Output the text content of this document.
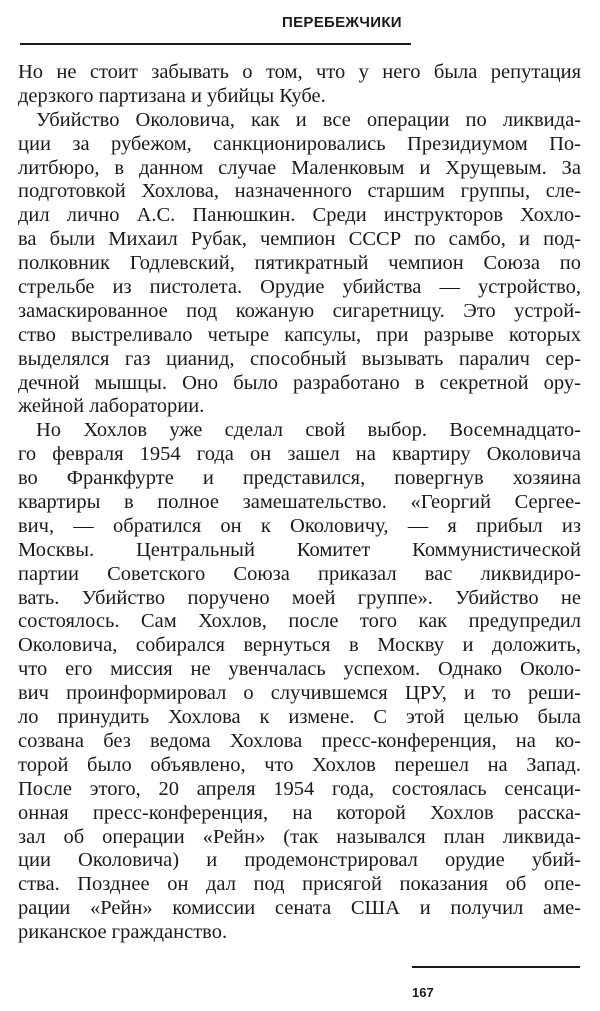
ПЕРЕБЕЖЧИКИ
Но не стоит забывать о том, что у него была репутация
дерзкого партизана и убийцы Кубе.
Убийство Околовича, как и все операции по ликвида-
ции за рубежом, санкционировались Президиумом По-
литбюро, в данном случае Маленковым и Хрущевым. За
подготовкой Хохлова, назначенного старшим группы, сле-
дил лично А.С. Панюшкин. Среди инструкторов Хохло-
ва были Михаил Рубак, чемпион СССР по самбо, и под-
полковник Годлевский, пятикратный чемпион Союза по
стрельбе из пистолета. Орудие убийства — устройство,
замаскированное под кожаную сигаретницу. Это устрой-
ство выстреливало четыре капсулы, при разрыве которых
выделялся газ цианид, способный вызывать паралич сер-
дечной мышцы. Оно было разработано в секретной ору-
жейной лаборатории.
Но Хохлов уже сделал свой выбор. Восемнадцато-
го февраля 1954 года он зашел на квартиру Околовича
во Франкфурте и представился, повергнув хозяина
квартиры в полное замешательство. «Георгий Сергее-
вич, — обратился он к Околовичу, — я прибыл из
Москвы. Центральный Комитет Коммунистической
партии Советского Союза приказал вас ликвидиро-
вать. Убийство поручено моей группе». Убийство не
состоялось. Сам Хохлов, после того как предупредил
Околовича, собирался вернуться в Москву и доложить,
что его миссия не увенчалась успехом. Однако Около-
вич проинформировал о случившемся ЦРУ, и то реши-
ло принудить Хохлова к измене. С этой целью была
созвана без ведома Хохлова пресс-конференция, на ко-
торой было объявлено, что Хохлов перешел на Запад.
После этого, 20 апреля 1954 года, состоялась сенсаци-
онная пресс-конференция, на которой Хохлов расска-
зал об операции «Рейн» (так назывался план ликвида-
ции Околовича) и продемонстрировал орудие убий-
ства. Позднее он дал под присягой показания об опе-
рации «Рейн» комиссии сената США и получил аме-
риканское гражданство.
167
